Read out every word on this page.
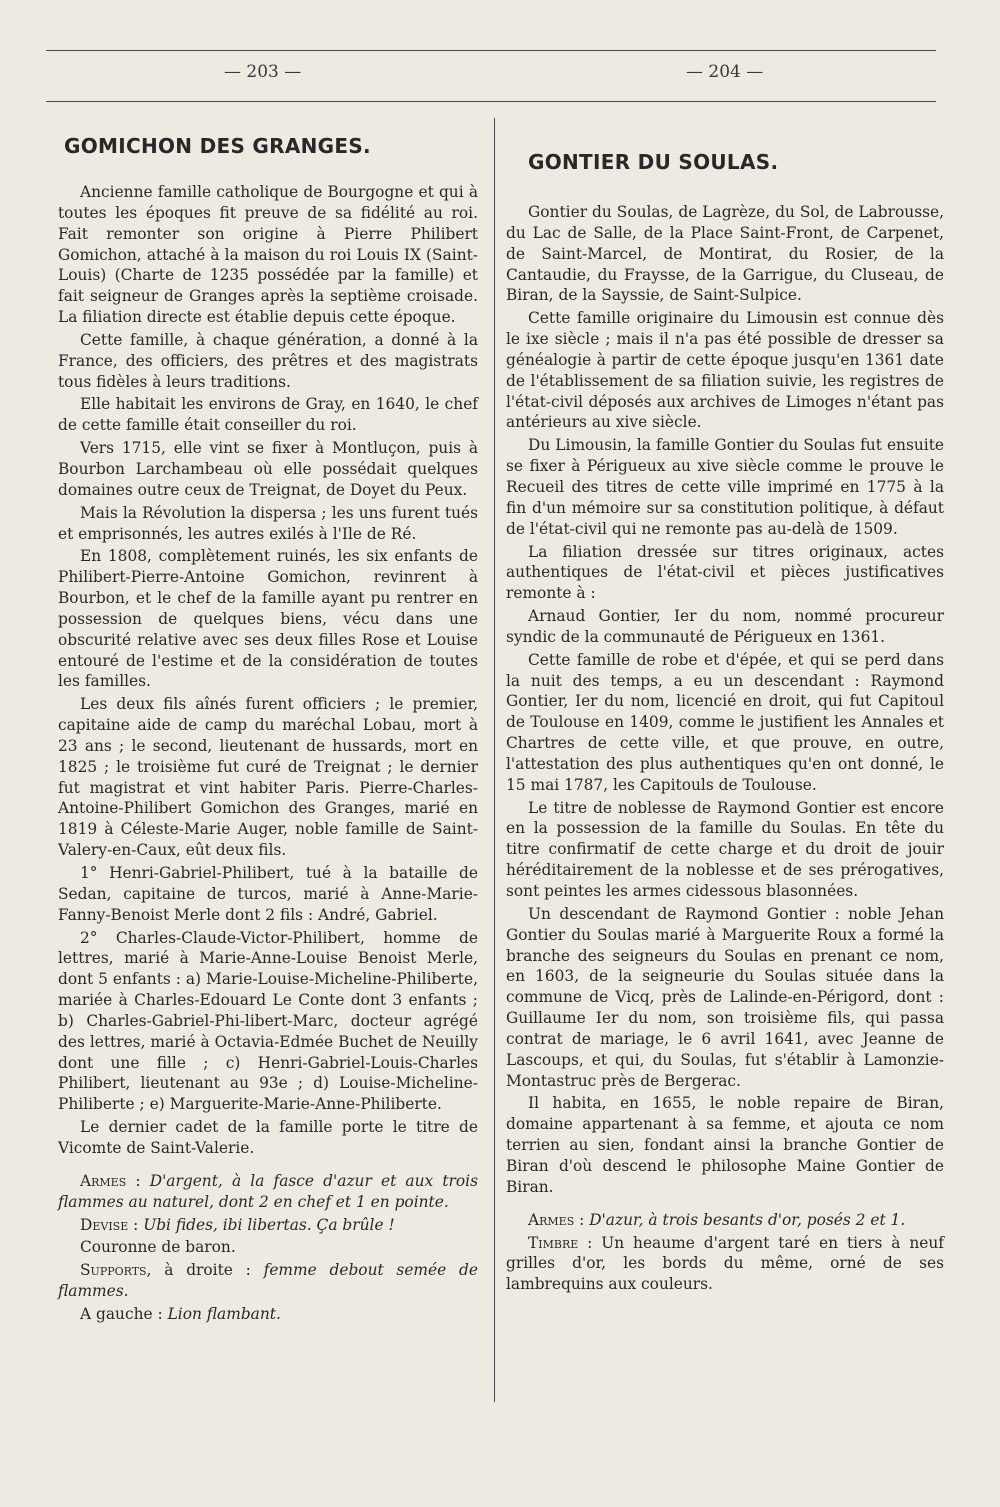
— 203 —	— 204 —
GOMICHON DES GRANGES.

Ancienne famille catholique de Bourgogne et qui à toutes les époques fit preuve de sa fidélité au roi. Fait remonter son origine à Pierre Philibert Gomichon, attaché à la maison du roi Louis IX (Saint-Louis) (Charte de 1235 possédée par la famille) et fait seigneur de Granges après la septième croisade. La filiation directe est établie depuis cette époque.

Cette famille, à chaque génération, a donné à la France, des officiers, des prêtres et des magistrats tous fidèles à leurs traditions.

Elle habitait les environs de Gray, en 1640, le chef de cette famille était conseiller du roi.

Vers 1715, elle vint se fixer à Montluçon, puis à Bourbon Larchambeau où elle possédait quelques domaines outre ceux de Treignat, de Doyet du Peux.

Mais la Révolution la dispersa ; les uns furent tués et emprisonnés, les autres exilés à l'Ile de Ré.

En 1808, complètement ruinés, les six enfants de Philibert-Pierre-Antoine Gomichon, revinrent à Bourbon, et le chef de la famille ayant pu rentrer en possession de quelques biens, vécu dans une obscurité relative avec ses deux filles Rose et Louise entouré de l'estime et de la considération de toutes les familles.

Les deux fils aînés furent officiers ; le premier, capitaine aide de camp du maréchal Lobau, mort à 23 ans ; le second, lieutenant de hussards, mort en 1825 ; le troisième fut curé de Treignat ; le dernier fut magistrat et vint habiter Paris. Pierre-Charles-Antoine-Philibert Gomichon des Granges, marié en 1819 à Céleste-Marie Auger, noble famille de Saint-Valery-en-Caux, eût deux fils.

1° Henri-Gabriel-Philibert, tué à la bataille de Sedan, capitaine de turcos, marié à Anne-Marie-Fanny-Benoist Merle dont 2 fils : André, Gabriel.

2° Charles-Claude-Victor-Philibert, homme de lettres, marié à Marie-Anne-Louise Benoist Merle, dont 5 enfants : a) Marie-Louise-Micheline-Philiberte, mariée à Charles-Edouard Le Conte dont 3 enfants ; b) Charles-Gabriel-Phi-libert-Marc, docteur agrégé des lettres, marié à Octavia-Edmée Buchet de Neuilly dont une fille ; c) Henri-Gabriel-Louis-Charles Philibert, lieutenant au 93e ; d) Louise-Micheline-Philiberte ; e) Marguerite-Marie-Anne-Philiberte.

Le dernier cadet de la famille porte le titre de Vicomte de Saint-Valerie.

Armes : D'argent, à la fasce d'azur et aux trois flammes au naturel, dont 2 en chef et 1 en pointe.

Devise : Ubi fides, ibi libertas. Ça brûle !

Couronne de baron.

Supports, à droite : femme debout semée de flammes.

A gauche : Lion flambant.

GONTIER DU SOULAS.

Gontier du Soulas, de Lagrèze, du Sol, de Labrousse, du Lac de Salle, de la Place Saint-Front, de Carpenet, de Saint-Marcel, de Montirat, du Rosier, de la Cantaudie, du Fraysse, de la Garrigue, du Cluseau, de Biran, de la Sayssie, de Saint-Sulpice.

Cette famille originaire du Limousin est connue dès le ixe siècle ; mais il n'a pas été possible de dresser sa généalogie à partir de cette époque jusqu'en 1361 date de l'établissement de sa filiation suivie, les registres de l'état-civil déposés aux archives de Limoges n'étant pas antérieurs au xive siècle.

Du Limousin, la famille Gontier du Soulas fut ensuite se fixer à Périgueux au xive siècle comme le prouve le Recueil des titres de cette ville imprimé en 1775 à la fin d'un mémoire sur sa constitution politique, à défaut de l'état-civil qui ne remonte pas au-delà de 1509.

La filiation dressée sur titres originaux, actes authentiques de l'état-civil et pièces justificatives remonte à :

Arnaud Gontier, Ier du nom, nommé procureur syndic de la communauté de Périgueux en 1361.

Cette famille de robe et d'épée, et qui se perd dans la nuit des temps, a eu un descendant : Raymond Gontier, Ier du nom, licencié en droit, qui fut Capitoul de Toulouse en 1409, comme le justifient les Annales et Chartres de cette ville, et que prouve, en outre, l'attestation des plus authentiques qu'en ont donné, le 15 mai 1787, les Capitouls de Toulouse.

Le titre de noblesse de Raymond Gontier est encore en la possession de la famille du Soulas. En tête du titre confirmatif de cette charge et du droit de jouir héréditairement de la noblesse et de ses prérogatives, sont peintes les armes cidessous blasonnées.

Un descendant de Raymond Gontier : noble Jehan Gontier du Soulas marié à Marguerite Roux a formé la branche des seigneurs du Soulas en prenant ce nom, en 1603, de la seigneurie du Soulas située dans la commune de Vicq, près de Lalinde-en-Périgord, dont : Guillaume Ier du nom, son troisième fils, qui passa contrat de mariage, le 6 avril 1641, avec Jeanne de Lascoups, et qui, du Soulas, fut s'établir à Lamonzie-Montastruc près de Bergerac.

Il habita, en 1655, le noble repaire de Biran, domaine appartenant à sa femme, et ajouta ce nom terrien au sien, fondant ainsi la branche Gontier de Biran d'où descend le philosophe Maine Gontier de Biran.

Armes : D'azur, à trois besants d'or, posés 2 et 1.

Timbre : Un heaume d'argent taré en tiers à neuf grilles d'or, les bords du même, orné de ses lambrequins aux couleurs.
